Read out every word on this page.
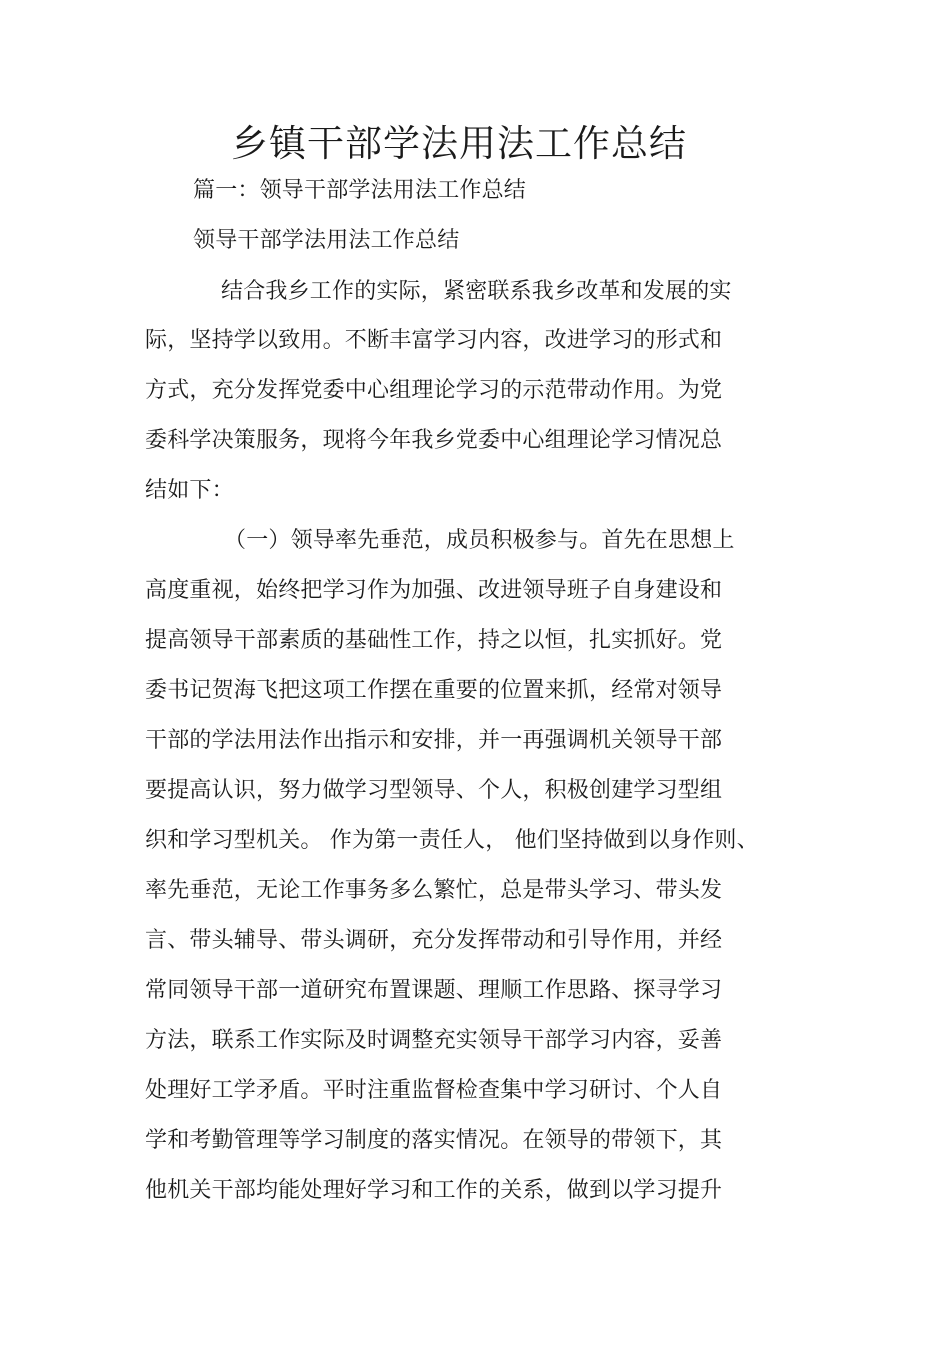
乡镇干部学法用法工作总结
篇一：领导干部学法用法工作总结
领导干部学法用法工作总结
结合我乡工作的实际，紧密联系我乡改革和发展的实
际，坚持学以致用。不断丰富学习内容，改进学习的形式和
方式，充分发挥党委中心组理论学习的示范带动作用。为党
委科学决策服务，现将今年我乡党委中心组理论学习情况总
结如下：
（一）领导率先垂范，成员积极参与。首先在思想上
高度重视，始终把学习作为加强、改进领导班子自身建设和
提高领导干部素质的基础性工作，持之以恒，扎实抓好。党
委书记贺海飞把这项工作摆在重要的位置来抓，经常对领导
干部的学法用法作出指示和安排，并一再强调机关领导干部
要提高认识，努力做学习型领导、个人，积极创建学习型组
织和学习型机关。 作为第一责任人， 他们坚持做到以身作则、
率先垂范，无论工作事务多么繁忙，总是带头学习、带头发
言、带头辅导、带头调研，充分发挥带动和引导作用，并经
常同领导干部一道研究布置课题、理顺工作思路、探寻学习
方法，联系工作实际及时调整充实领导干部学习内容，妥善
处理好工学矛盾。平时注重监督检查集中学习研讨、个人自
学和考勤管理等学习制度的落实情况。在领导的带领下，其
他机关干部均能处理好学习和工作的关系，做到以学习提升
